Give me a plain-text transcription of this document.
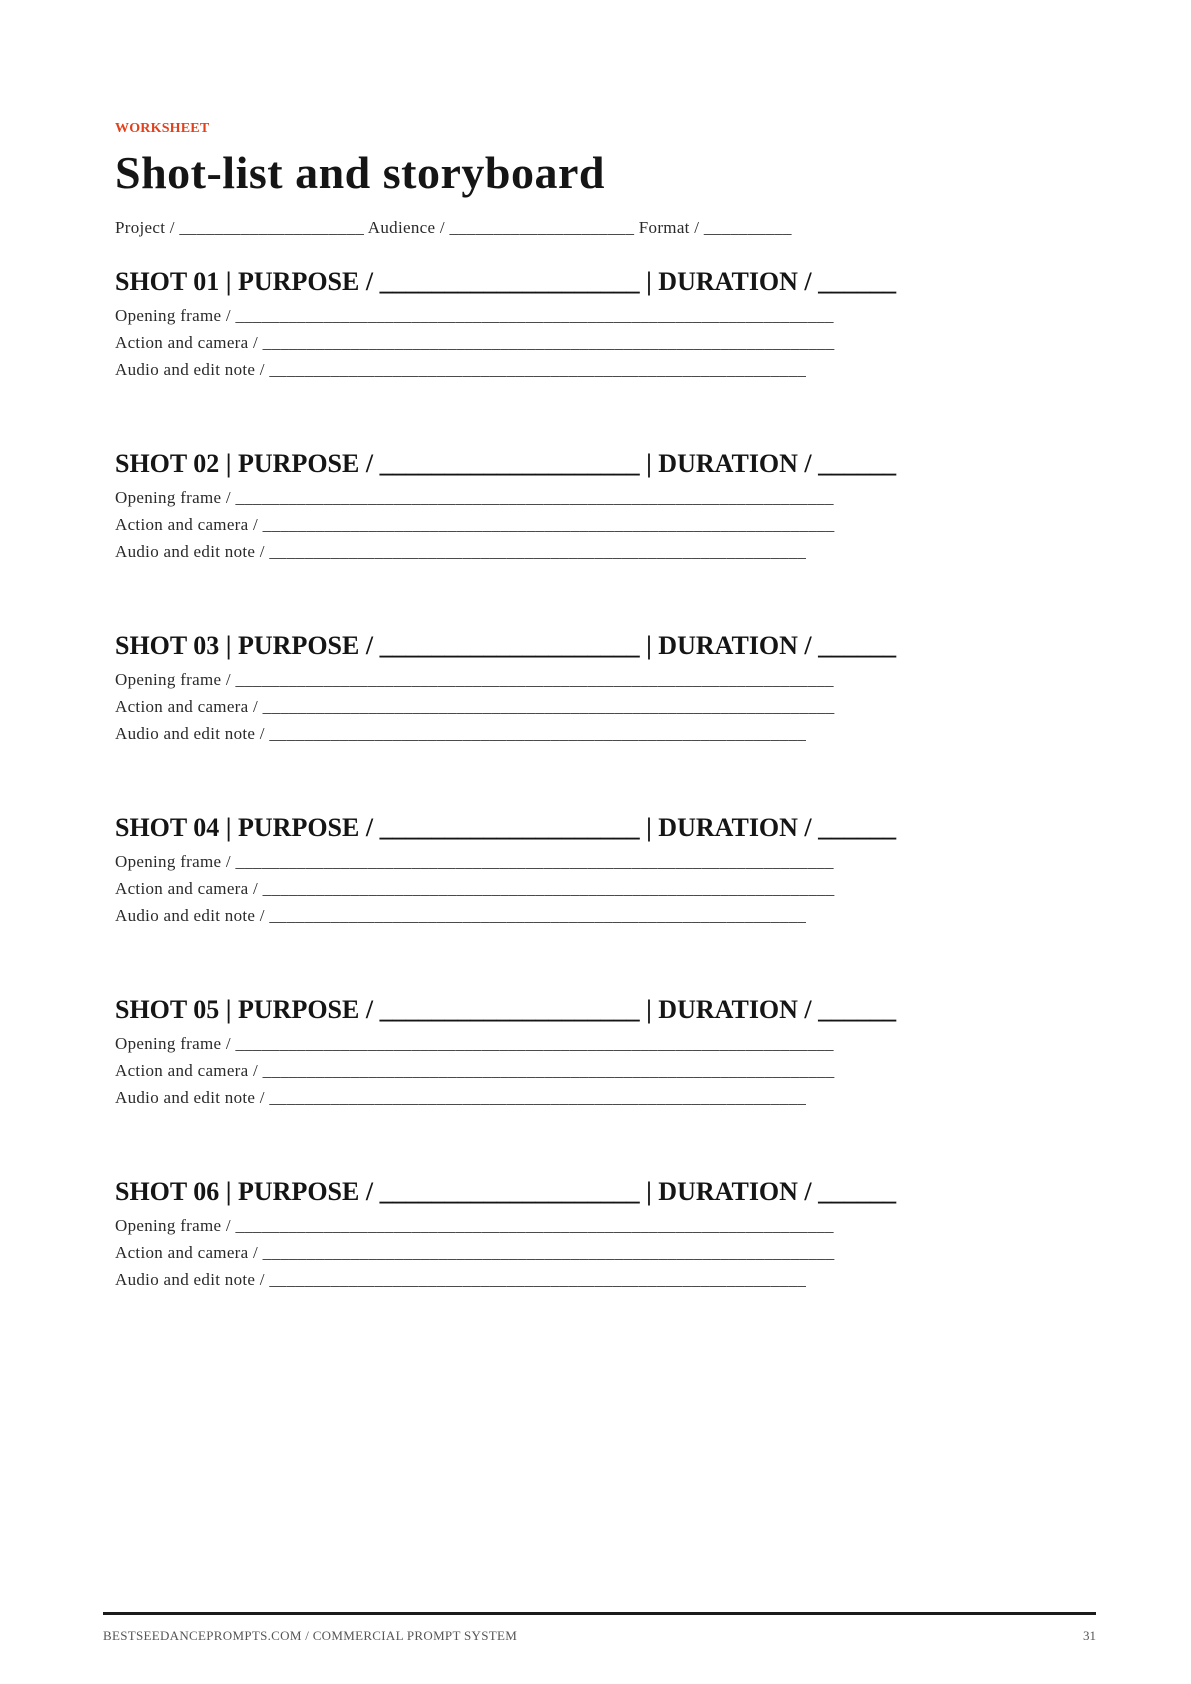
WORKSHEET
Shot-list and storyboard
Project / _____________________ Audience / _____________________ Format / __________
SHOT 01 | PURPOSE / ____________________ | DURATION / ______
Opening frame / ____________________________________________________________________
Action and camera / _________________________________________________________________
Audio and edit note / _____________________________________________________________
SHOT 02 | PURPOSE / ____________________ | DURATION / ______
Opening frame / ____________________________________________________________________
Action and camera / _________________________________________________________________
Audio and edit note / _____________________________________________________________
SHOT 03 | PURPOSE / ____________________ | DURATION / ______
Opening frame / ____________________________________________________________________
Action and camera / _________________________________________________________________
Audio and edit note / _____________________________________________________________
SHOT 04 | PURPOSE / ____________________ | DURATION / ______
Opening frame / ____________________________________________________________________
Action and camera / _________________________________________________________________
Audio and edit note / _____________________________________________________________
SHOT 05 | PURPOSE / ____________________ | DURATION / ______
Opening frame / ____________________________________________________________________
Action and camera / _________________________________________________________________
Audio and edit note / _____________________________________________________________
SHOT 06 | PURPOSE / ____________________ | DURATION / ______
Opening frame / ____________________________________________________________________
Action and camera / _________________________________________________________________
Audio and edit note / _____________________________________________________________
BESTSEEDANCEPROMPTS.COM / COMMERCIAL PROMPT SYSTEM	31
